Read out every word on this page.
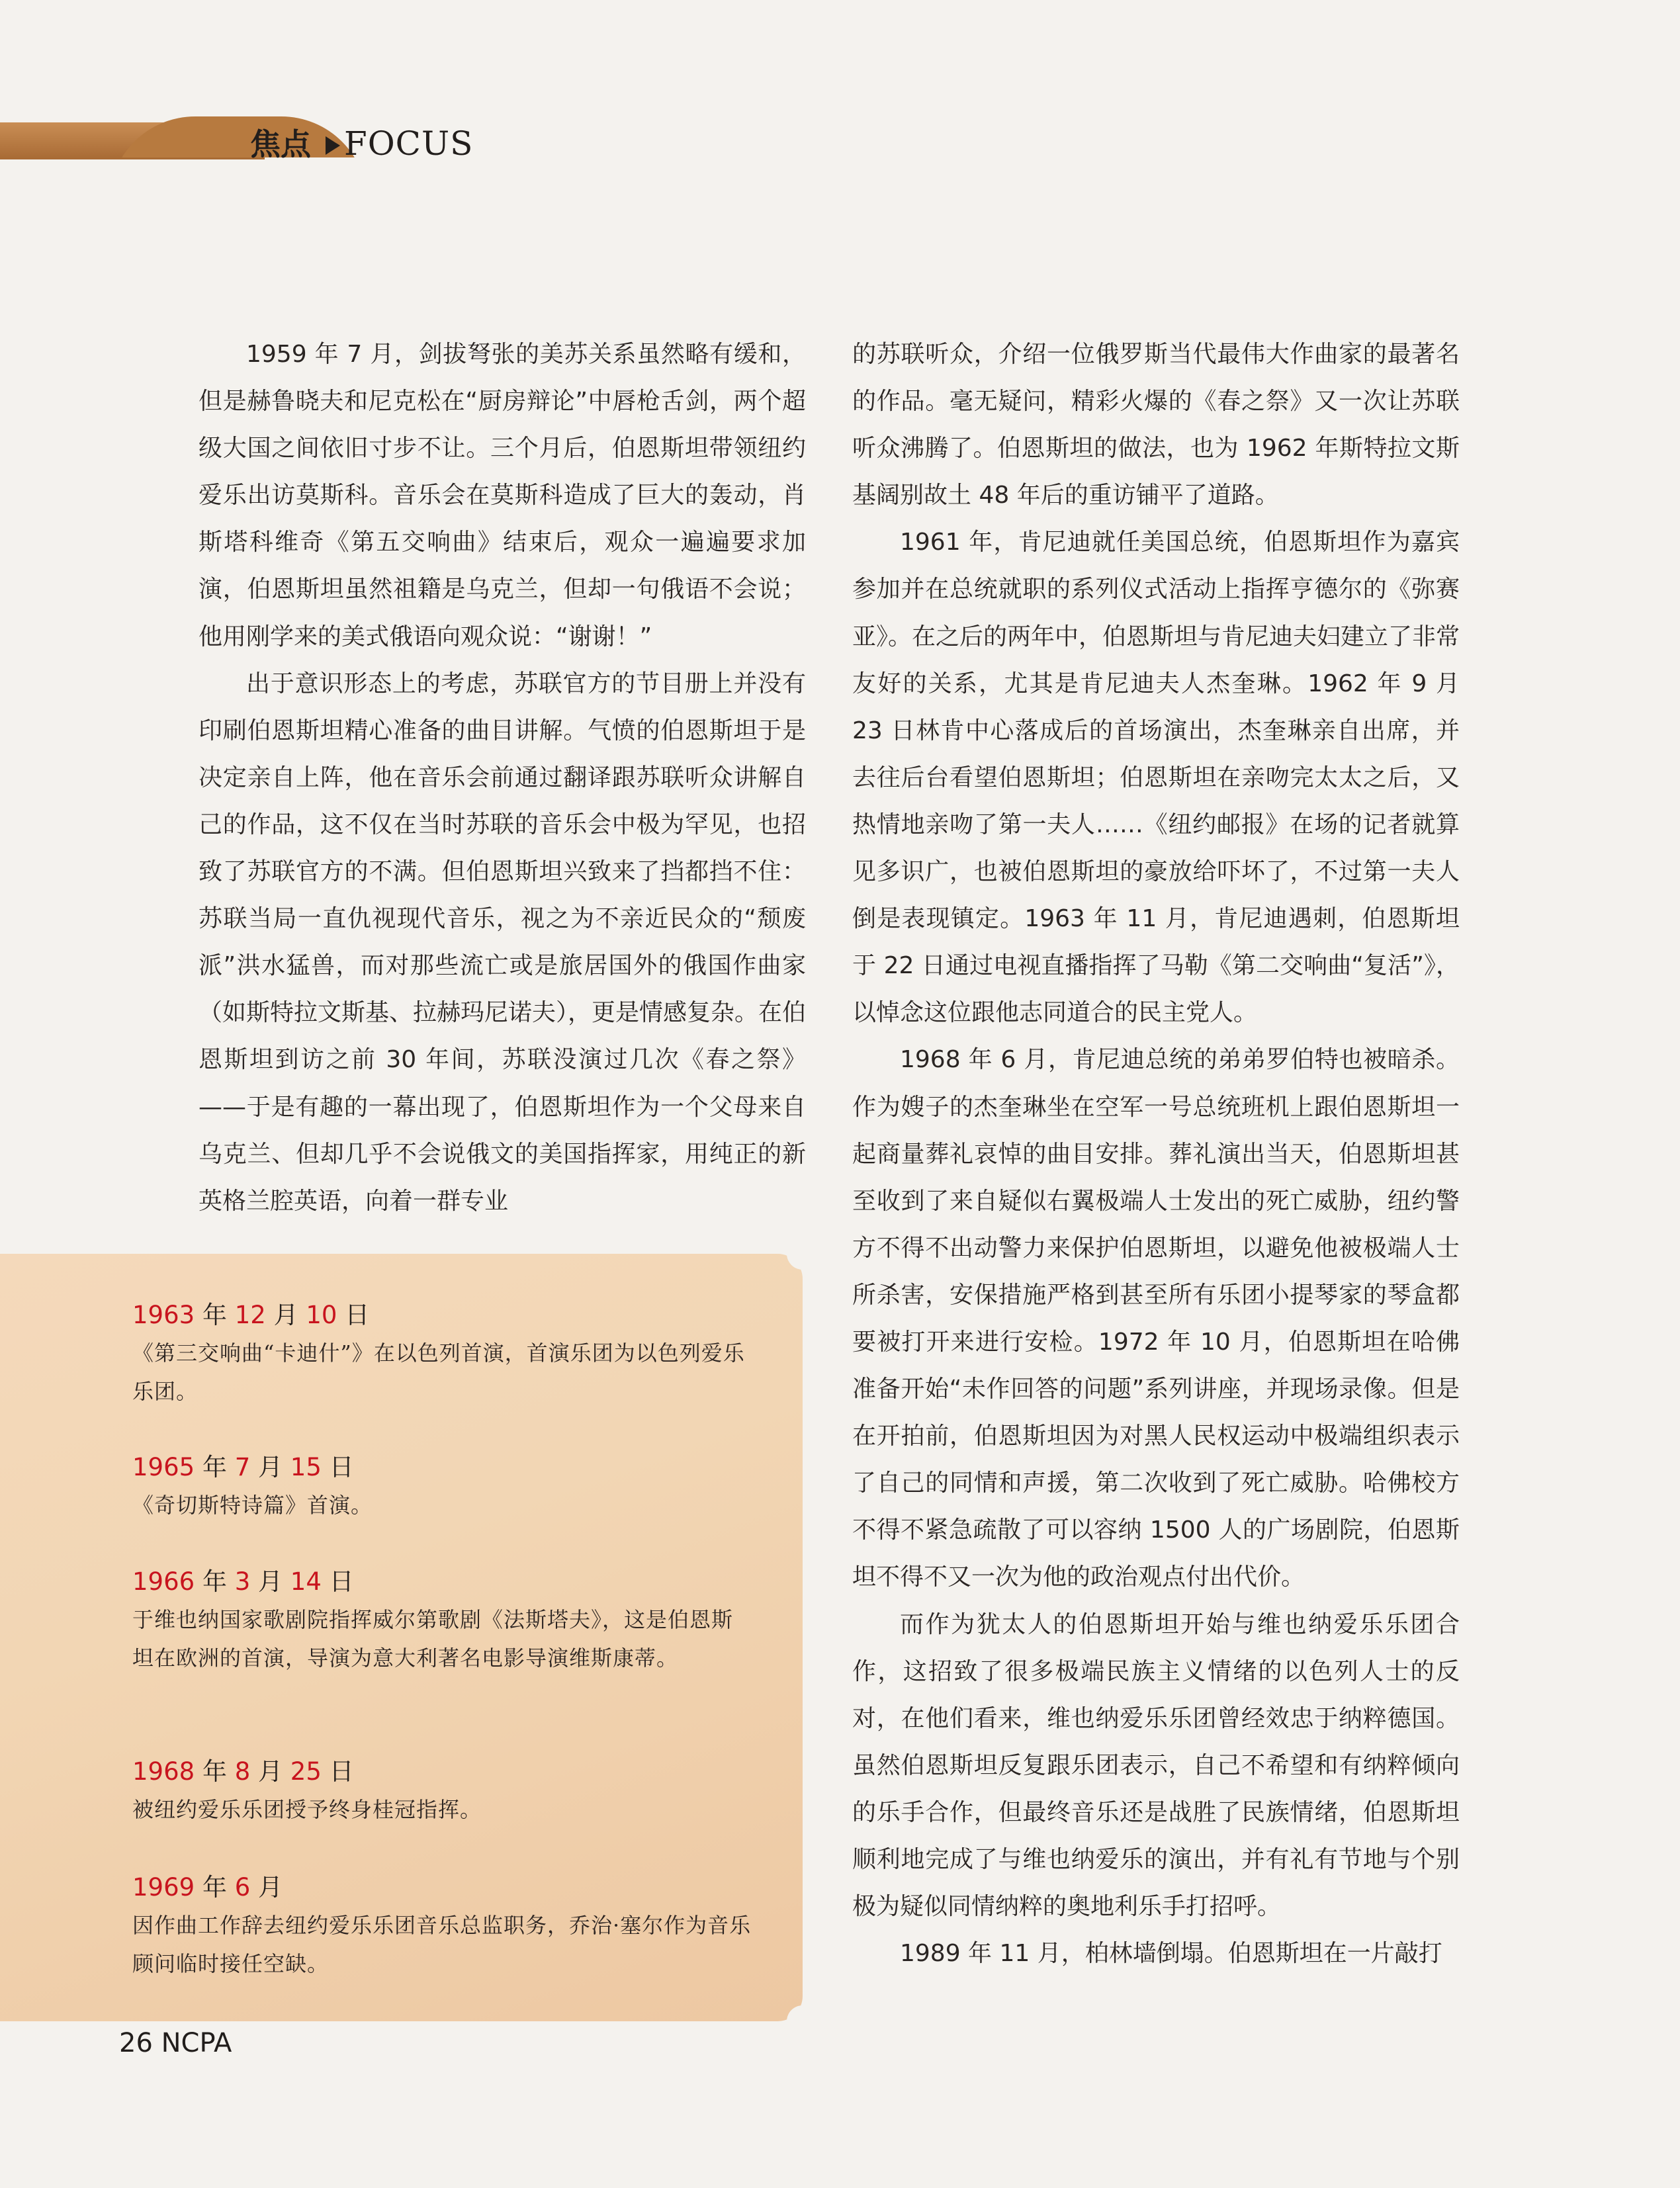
焦点 FOCUS

1959 年 7 月，剑拔弩张的美苏关系虽然略有缓和，但是赫鲁晓夫和尼克松在“厨房辩论”中唇枪舌剑，两个超级大国之间依旧寸步不让。三个月后，伯恩斯坦带领纽约爱乐出访莫斯科。音乐会在莫斯科造成了巨大的轰动，肖斯塔科维奇《第五交响曲》结束后，观众一遍遍要求加演，伯恩斯坦虽然祖籍是乌克兰，但却一句俄语不会说；他用刚学来的美式俄语向观众说：“谢谢！”

出于意识形态上的考虑，苏联官方的节目册上并没有印刷伯恩斯坦精心准备的曲目讲解。气愤的伯恩斯坦于是决定亲自上阵，他在音乐会前通过翻译跟苏联听众讲解自己的作品，这不仅在当时苏联的音乐会中极为罕见，也招致了苏联官方的不满。但伯恩斯坦兴致来了挡都挡不住：苏联当局一直仇视现代音乐，视之为不亲近民众的“颓废派”洪水猛兽，而对那些流亡或是旅居国外的俄国作曲家（如斯特拉文斯基、拉赫玛尼诺夫），更是情感复杂。在伯恩斯坦到访之前 30 年间，苏联没演过几次《春之祭》——于是有趣的一幕出现了，伯恩斯坦作为一个父母来自乌克兰、但却几乎不会说俄文的美国指挥家，用纯正的新英格兰腔英语，向着一群专业

的苏联听众，介绍一位俄罗斯当代最伟大作曲家的最著名的作品。毫无疑问，精彩火爆的《春之祭》又一次让苏联听众沸腾了。伯恩斯坦的做法，也为 1962 年斯特拉文斯基阔别故土 48 年后的重访铺平了道路。

1961 年，肯尼迪就任美国总统，伯恩斯坦作为嘉宾参加并在总统就职的系列仪式活动上指挥亨德尔的《弥赛亚》。在之后的两年中，伯恩斯坦与肯尼迪夫妇建立了非常友好的关系，尤其是肯尼迪夫人杰奎琳。1962 年 9 月 23 日林肯中心落成后的首场演出，杰奎琳亲自出席，并去往后台看望伯恩斯坦；伯恩斯坦在亲吻完太太之后，又热情地亲吻了第一夫人……《纽约邮报》在场的记者就算见多识广，也被伯恩斯坦的豪放给吓坏了，不过第一夫人倒是表现镇定。1963 年 11 月，肯尼迪遇刺，伯恩斯坦于 22 日通过电视直播指挥了马勒《第二交响曲“复活”》，以悼念这位跟他志同道合的民主党人。

1968 年 6 月，肯尼迪总统的弟弟罗伯特也被暗杀。作为嫂子的杰奎琳坐在空军一号总统班机上跟伯恩斯坦一起商量葬礼哀悼的曲目安排。葬礼演出当天，伯恩斯坦甚至收到了来自疑似右翼极端人士发出的死亡威胁，纽约警方不得不出动警力来保护伯恩斯坦，以避免他被极端人士所杀害，安保措施严格到甚至所有乐团小提琴家的琴盒都要被打开来进行安检。1972 年 10 月，伯恩斯坦在哈佛准备开始“未作回答的问题”系列讲座，并现场录像。但是在开拍前，伯恩斯坦因为对黑人民权运动中极端组织表示了自己的同情和声援，第二次收到了死亡威胁。哈佛校方不得不紧急疏散了可以容纳 1500 人的广场剧院，伯恩斯坦不得不又一次为他的政治观点付出代价。

而作为犹太人的伯恩斯坦开始与维也纳爱乐乐团合作，这招致了很多极端民族主义情绪的以色列人士的反对，在他们看来，维也纳爱乐乐团曾经效忠于纳粹德国。虽然伯恩斯坦反复跟乐团表示，自己不希望和有纳粹倾向的乐手合作，但最终音乐还是战胜了民族情绪，伯恩斯坦顺利地完成了与维也纳爱乐的演出，并有礼有节地与个别极为疑似同情纳粹的奥地利乐手打招呼。

1989 年 11 月，柏林墙倒塌。伯恩斯坦在一片敲打

1963 年 12 月 10 日
《第三交响曲“卡迪什”》在以色列首演，首演乐团为以色列爱乐乐团。
1965 年 7 月 15 日
《奇切斯特诗篇》首演。
1966 年 3 月 14 日
于维也纳国家歌剧院指挥威尔第歌剧《法斯塔夫》，这是伯恩斯坦在欧洲的首演，导演为意大利著名电影导演维斯康蒂。
1968 年 8 月 25 日
被纽约爱乐乐团授予终身桂冠指挥。
1969 年 6 月
因作曲工作辞去纽约爱乐乐团音乐总监职务，乔治·塞尔作为音乐顾问临时接任空缺。
26 NCPA
